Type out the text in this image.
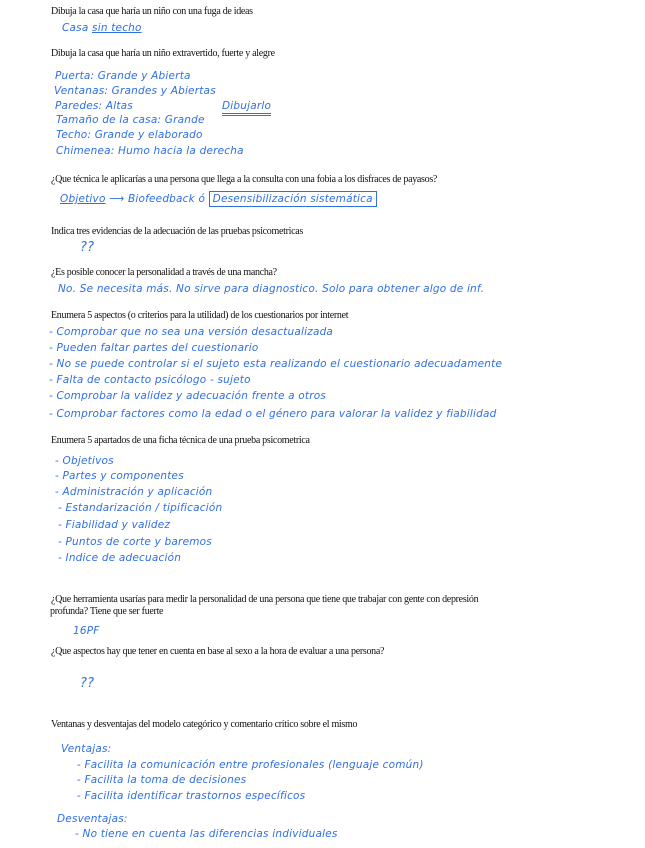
Dibuja la casa que haría un niño con una fuga de ideas
Casa sin techo
Dibuja la casa que haría un niño extravertido, fuerte y alegre
Puerta: Grande y Abierta
Ventanas: Grandes y Abiertas
Paredes: Altas
Tamaño de la casa: Grande
Techo: Grande y elaborado
Chimenea: Humo hacia la derecha
Dibujarlo
¿Que técnica le aplicarías a una persona que llega a la consulta con una fobia a los disfraces de payasos?
Objetivo ⟶ Biofeedback ó Desensibilización sistemática
Indica tres evidencias de la adecuación de las pruebas psicometricas
??
¿Es posible conocer la personalidad a través de una mancha?
No. Se necesita más. No sirve para diagnostico. Solo para obtener algo de inf.
Enumera 5 aspectos (o criterios para la utilidad) de los cuestionarios por internet
- Comprobar que no sea una versión desactualizada
- Pueden faltar partes del cuestionario
- No se puede controlar si el sujeto esta realizando el cuestionario adecuadamente
- Falta de contacto psicólogo - sujeto
- Comprobar la validez y adecuación frente a otros
- Comprobar factores como la edad o el género para valorar la validez y fiabilidad
Enumera 5 apartados de una ficha técnica de una prueba psicometrica
- Objetivos
- Partes y componentes
- Administración y aplicación
- Estandarización / tipificación
- Fiabilidad y validez
- Puntos de corte y baremos
- Indice de adecuación
¿Que herramienta usarías para medir la personalidad de una persona que tiene que trabajar con gente con depresión
profunda? Tiene que ser fuerte
16PF
¿Que aspectos hay que tener en cuenta en base al sexo a la hora de evaluar a una persona?
??
Ventanas y desventajas del modelo categórico y comentario crítico sobre el mismo
Ventajas:
- Facilita la comunicación entre profesionales (lenguaje común)
- Facilita la toma de decisiones
- Facilita identificar trastornos específicos
Desventajas:
- No tiene en cuenta las diferencias individuales
